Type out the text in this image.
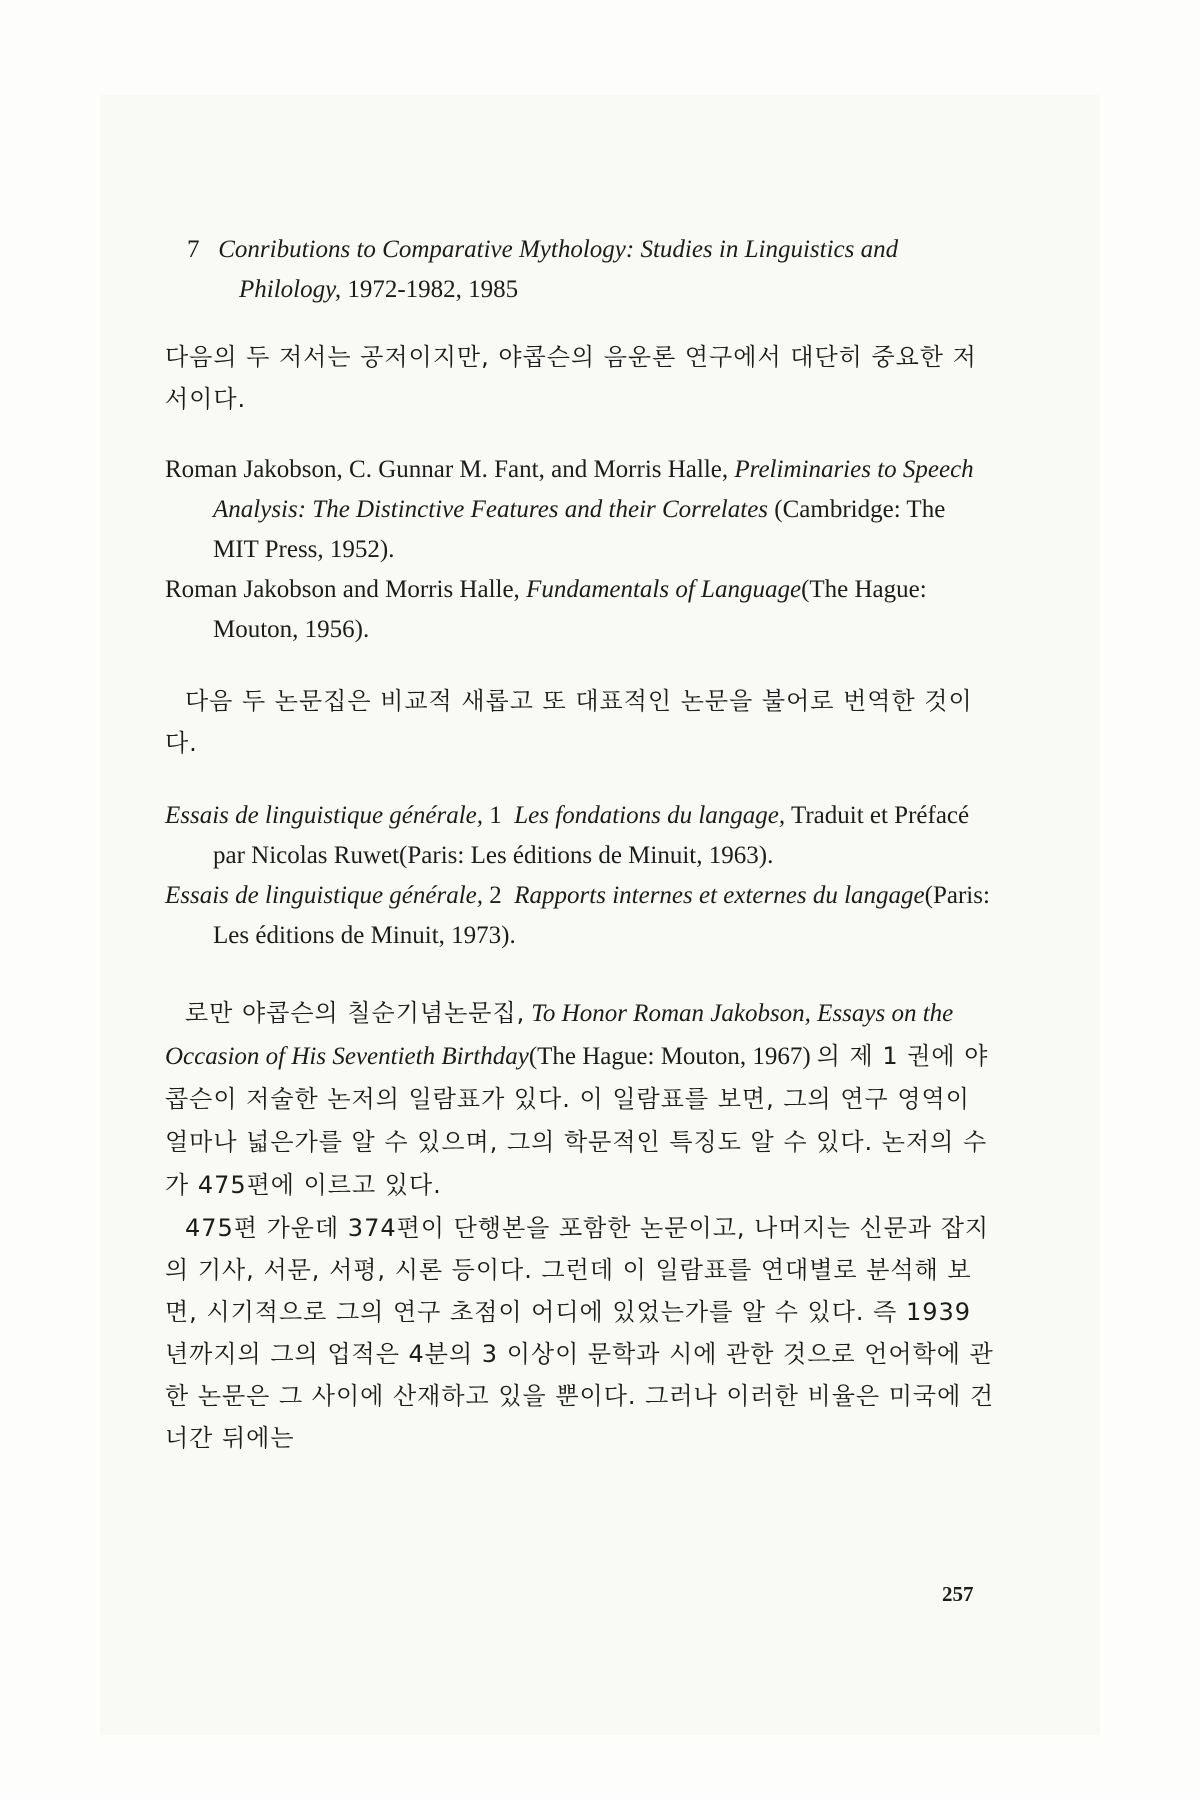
7 Conributions to Comparative Mythology: Studies in Linguistics and Philology, 1972-1982, 1985

다음의 두 저서는 공저이지만, 야콥슨의 음운론 연구에서 대단히 중요한 저서이다.

Roman Jakobson, C. Gunnar M. Fant, and Morris Halle, Preliminaries to Speech Analysis: The Distinctive Features and their Correlates (Cambridge: The MIT Press, 1952).

Roman Jakobson and Morris Halle, Fundamentals of Language(The Hague: Mouton, 1956).

다음 두 논문집은 비교적 새롭고 또 대표적인 논문을 불어로 번역한 것이다.

Essais de linguistique générale, 1 Les fondations du langage, Traduit et Préfacé par Nicolas Ruwet(Paris: Les éditions de Minuit, 1963).

Essais de linguistique générale, 2 Rapports internes et externes du langage(Paris: Les éditions de Minuit, 1973).

로만 야콥슨의 칠순기념논문집, To Honor Roman Jakobson, Essays on the Occasion of His Seventieth Birthday(The Hague: Mouton, 1967) 의 제 1 권에 야콥슨이 저술한 논저의 일람표가 있다. 이 일람표를 보면, 그의 연구 영역이 얼마나 넓은가를 알 수 있으며, 그의 학문적인 특징도 알 수 있다. 논저의 수가 475편에 이르고 있다.

475편 가운데 374편이 단행본을 포함한 논문이고, 나머지는 신문과 잡지의 기사, 서문, 서평, 시론 등이다. 그런데 이 일람표를 연대별로 분석해 보면, 시기적으로 그의 연구 초점이 어디에 있었는가를 알 수 있다. 즉 1939년까지의 그의 업적은 4분의 3 이상이 문학과 시에 관한 것으로 언어학에 관한 논문은 그 사이에 산재하고 있을 뿐이다. 그러나 이러한 비율은 미국에 건너간 뒤에는

257
